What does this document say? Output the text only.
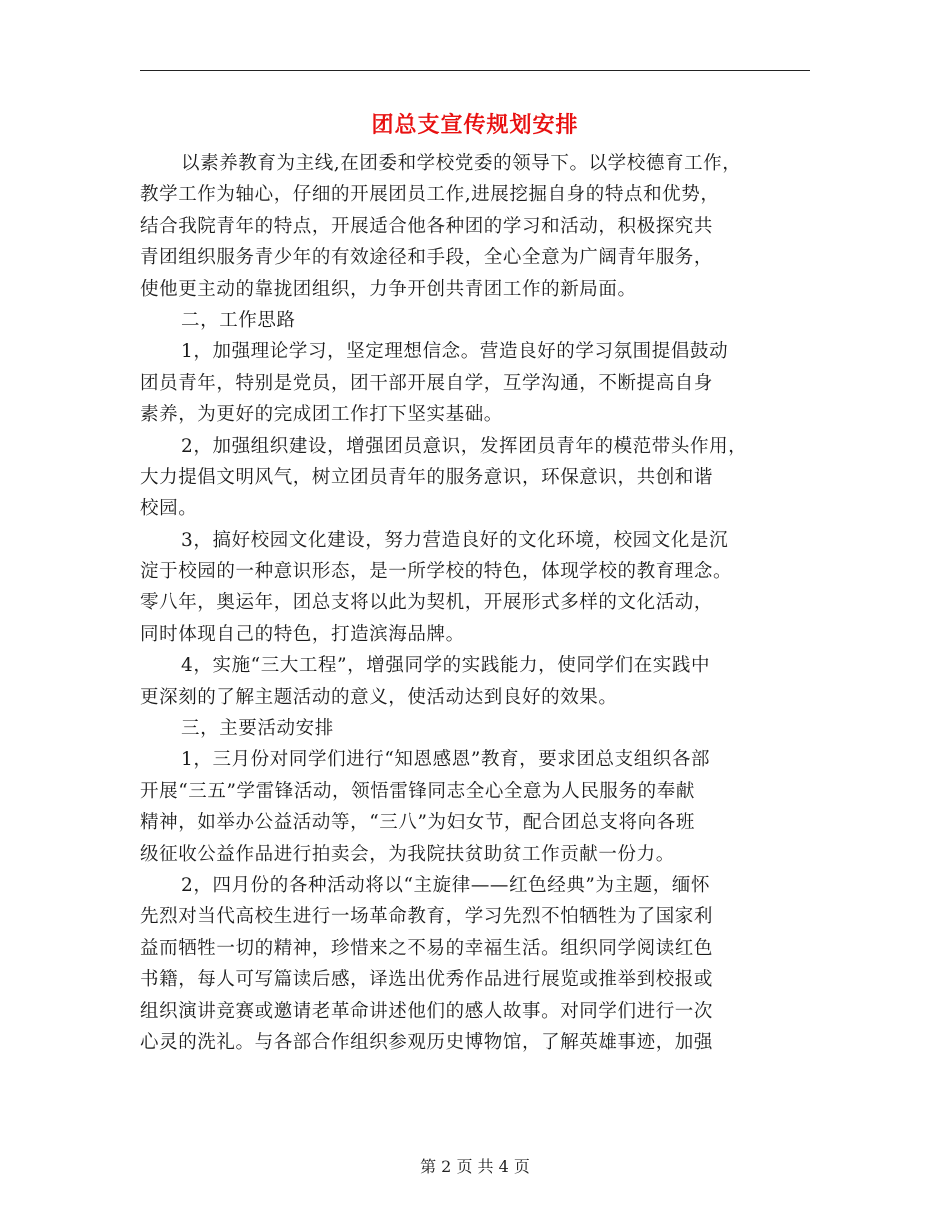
团总支宣传规划安排
以素养教育为主线,在团委和学校党委的领导下。以学校德育工作，
教学工作为轴心，仔细的开展团员工作,进展挖掘自身的特点和优势，
结合我院青年的特点，开展适合他各种团的学习和活动，积极探究共
青团组织服务青少年的有效途径和手段，全心全意为广阔青年服务，
使他更主动的靠拢团组织，力争开创共青团工作的新局面。
二，工作思路
1，加强理论学习，坚定理想信念。营造良好的学习氛围提倡鼓动
团员青年，特别是党员，团干部开展自学，互学沟通，不断提高自身
素养，为更好的完成团工作打下坚实基础。
2，加强组织建设，增强团员意识，发挥团员青年的模范带头作用，
大力提倡文明风气，树立团员青年的服务意识，环保意识，共创和谐
校园。
3，搞好校园文化建设，努力营造良好的文化环境，校园文化是沉
淀于校园的一种意识形态，是一所学校的特色，体现学校的教育理念。
零八年，奥运年，团总支将以此为契机，开展形式多样的文化活动，
同时体现自己的特色，打造滨海品牌。
4，实施“三大工程”，增强同学的实践能力，使同学们在实践中
更深刻的了解主题活动的意义，使活动达到良好的效果。
三，主要活动安排
1，三月份对同学们进行“知恩感恩”教育，要求团总支组织各部
开展“三五”学雷锋活动，领悟雷锋同志全心全意为人民服务的奉献
精神，如举办公益活动等，“三八”为妇女节，配合团总支将向各班
级征收公益作品进行拍卖会，为我院扶贫助贫工作贡献一份力。
2，四月份的各种活动将以“主旋律——红色经典”为主题，缅怀
先烈对当代高校生进行一场革命教育，学习先烈不怕牺牲为了国家利
益而牺牲一切的精神，珍惜来之不易的幸福生活。组织同学阅读红色
书籍，每人可写篇读后感，译选出优秀作品进行展览或推举到校报或
组织演讲竞赛或邀请老革命讲述他们的感人故事。对同学们进行一次
心灵的洗礼。与各部合作组织参观历史博物馆，了解英雄事迹，加强
第 2 页 共 4 页
